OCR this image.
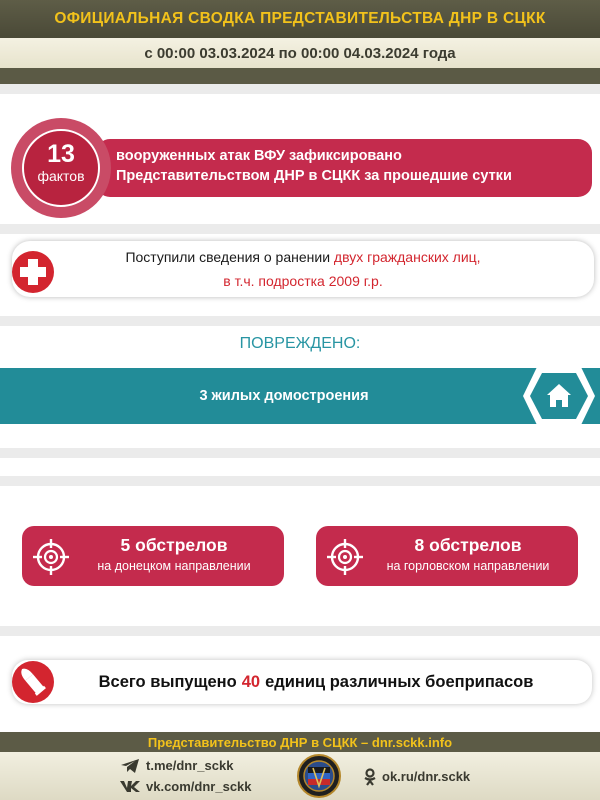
ОФИЦИАЛЬНАЯ СВОДКА ПРЕДСТАВИТЕЛЬСТВА ДНР В СЦКК
с 00:00 03.03.2024 по 00:00 04.03.2024 года
вооруженных атак ВФУ зафиксировано
Представительством ДНР в СЦКК за прошедшие сутки
13
фактов
Поступили сведения о ранении двух гражданских лиц,
в т.ч. подростка 2009 г.р.
ПОВРЕЖДЕНО:
3 жилых домостроения
5 обстрелов
на донецком направлении
8 обстрелов
на горловском направлении
Всего выпущено 40 единиц различных боеприпасов
Представительство ДНР в СЦКК – dnr.sckk.info
t.me/dnr_sckk
vk.com/dnr_sckk
ok.ru/dnr.sckk
